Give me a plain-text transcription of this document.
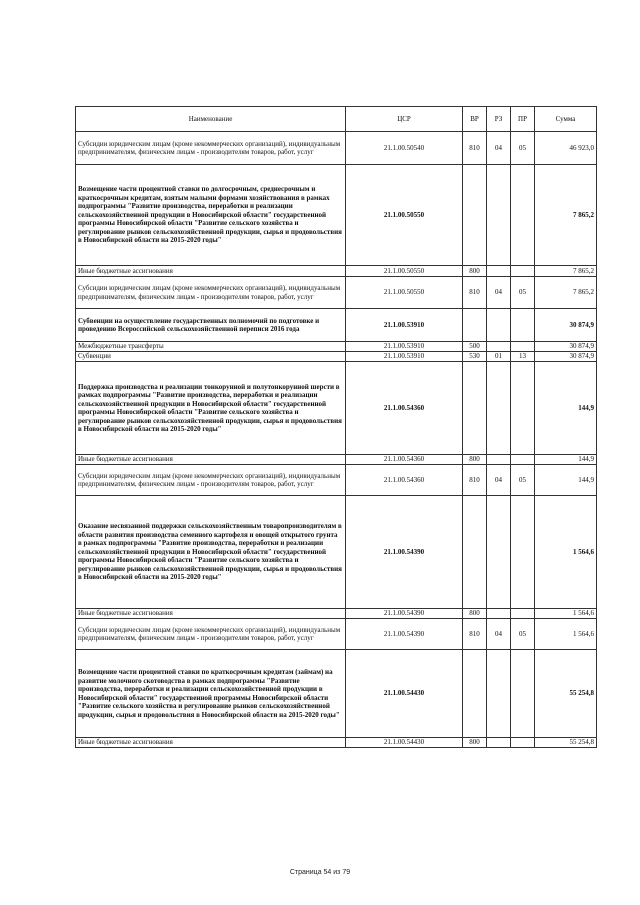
Наименование	ЦСР	ВР	РЗ	ПР	Сумма
Субсидии юридическим лицам (кроме некоммерческих организаций), индивидуальным предпринимателям, физическим лицам - производителям товаров, работ, услуг	21.1.00.50540	810	04	05	46 923,0
Возмещение части процентной ставки по долгосрочным, среднесрочным и краткосрочным кредитам, взятым малыми формами хозяйствования в рамках подпрограммы "Развитие производства, переработки и реализации сельскохозяйственной продукции в Новосибирской области" государственной программы Новосибирской области "Развитие сельского хозяйства и регулирование рынков сельскохозяйственной продукции, сырья и продовольствия в Новосибирской области на 2015-2020 годы"	21.1.00.50550				7 865,2
Иные бюджетные ассигнования	21.1.00.50550	800			7 865,2
Субсидии юридическим лицам (кроме некоммерческих организаций), индивидуальным предпринимателям, физическим лицам - производителям товаров, работ, услуг	21.1.00.50550	810	04	05	7 865,2
Субвенции на осуществление государственных полномочий по подготовке и проведению Всероссийской сельскохозяйственной переписи 2016 года	21.1.00.53910				30 874,9
Межбюджетные трансферты	21.1.00.53910	500			30 874,9
Субвенции	21.1.00.53910	530	01	13	30 874,9
Поддержка производства и реализации тонкорунной и полутонкорунной шерсти в рамках подпрограммы "Развитие производства, переработки и реализации сельскохозяйственной продукции в Новосибирской области" государственной программы Новосибирской области "Развитие сельского хозяйства и регулирование рынков сельскохозяйственной продукции, сырья и продовольствия в Новосибирской области на 2015-2020 годы"	21.1.00.54360				144,9
Иные бюджетные ассигнования	21.1.00.54360	800			144,9
Субсидии юридическим лицам (кроме некоммерческих организаций), индивидуальным предпринимателям, физическим лицам - производителям товаров, работ, услуг	21.1.00.54360	810	04	05	144,9
Оказание несвязанной поддержки сельскохозяйственным товаропроизводителям в области развития производства семенного картофеля и овощей открытого грунта в рамках подпрограммы "Развитие производства, переработки и реализации сельскохозяйственной продукции в Новосибирской области" государственной программы Новосибирской области "Развитие сельского хозяйства и регулирование рынков сельскохозяйственной продукции, сырья и продовольствия в Новосибирской области на 2015-2020 годы"	21.1.00.54390				1 564,6
Иные бюджетные ассигнования	21.1.00.54390	800			1 564,6
Субсидии юридическим лицам (кроме некоммерческих организаций), индивидуальным предпринимателям, физическим лицам - производителям товаров, работ, услуг	21.1.00.54390	810	04	05	1 564,6
Возмещение части процентной ставки по краткосрочным кредитам (займам) на развитие молочного скотоводства в рамках подпрограммы "Развитие производства, переработки и реализации сельскохозяйственной продукции в Новосибирской области" государственной программы Новосибирской области "Развитие сельского хозяйства и регулирование рынков сельскохозяйственной продукции, сырья и продовольствия в Новосибирской области на 2015-2020 годы"	21.1.00.54430				55 254,8
Иные бюджетные ассигнования	21.1.00.54430	800			55 254,8
Страница 54 из 79
